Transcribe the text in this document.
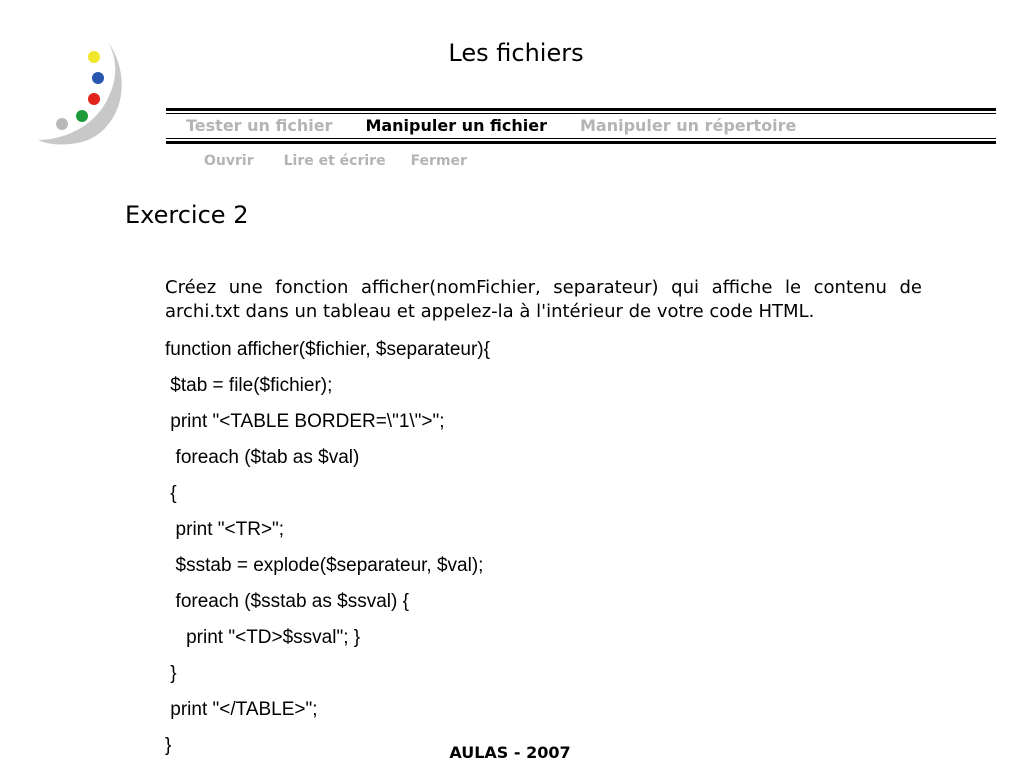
Les fichiers
Tester un fichier Manipuler un fichier Manipuler un répertoire
Ouvrir Lire et écrire Fermer
Exercice 2

Créez une fonction afficher(nomFichier, separateur) qui affiche le contenu de archi.txt dans un tableau et appelez-la à l'intérieur de votre code HTML.

function afficher($fichier, $separateur){
$tab = file($fichier);
print "<TABLE BORDER=\"1\">";
foreach ($tab as $val)
{
print "<TR>";
$sstab = explode($separateur, $val);
foreach ($sstab as $ssval) {
print "<TD>$ssval"; }
}
print "</TABLE>";
}	AULAS - 2007
